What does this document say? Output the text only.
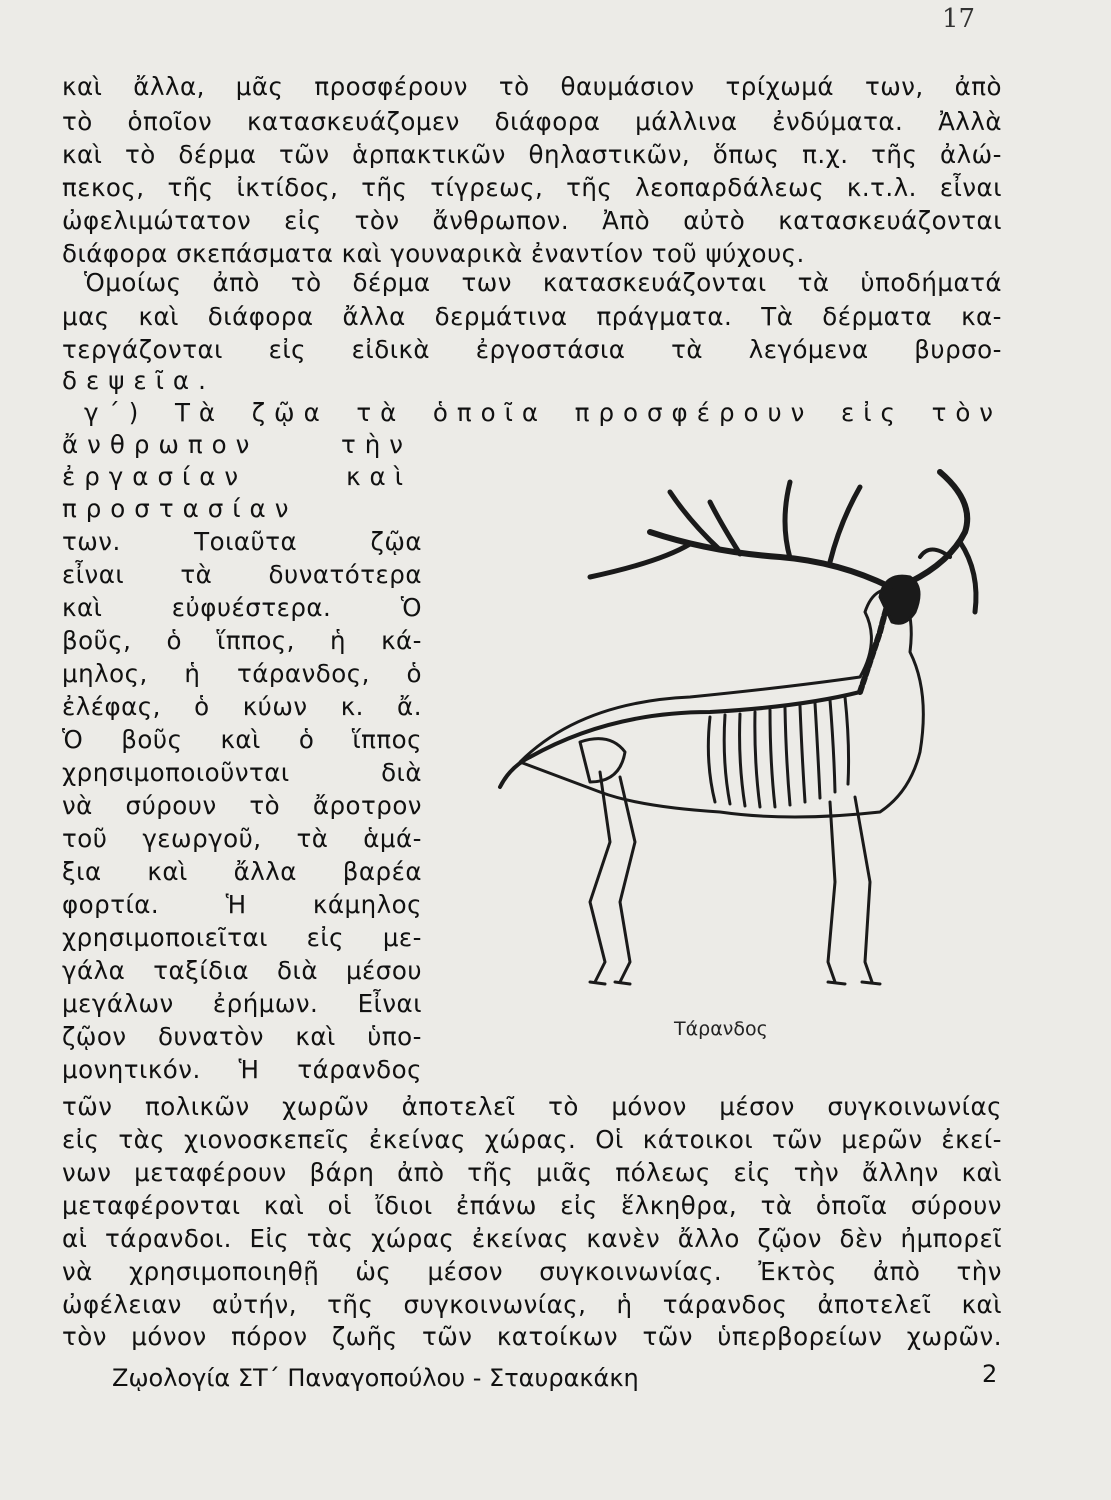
17
καὶ ἄλλα, μᾶς προσφέρουν τὸ θαυμάσιον τρίχωμά των, ἀπὸ
τὸ ὁποῖον κατασκευάζομεν διάφορα μάλλινα ἐνδύματα. Ἀλλὰ
καὶ τὸ δέρμα τῶν ἁρπακτικῶν θηλαστικῶν, ὅπως π.χ. τῆς ἀλώ-
πεκος, τῆς ἰκτίδος, τῆς τίγρεως, τῆς λεοπαρδάλεως κ.τ.λ. εἶναι
ὠφελιμώτατον εἰς τὸν ἄνθρωπον. Ἀπὸ αὐτὸ κατασκευάζονται
διάφορα σκεπάσματα καὶ γουναρικὰ ἐναντίον τοῦ ψύχους.
Ὁμοίως ἀπὸ τὸ δέρμα των κατασκευάζονται τὰ ὑποδήματά
μας καὶ διάφορα ἄλλα δερμάτινα πράγματα. Τὰ δέρματα κα-
τεργάζονται εἰς εἰδικὰ ἐργοστάσια τὰ λεγόμενα βυρσο-
δεψεῖα.
γ΄) Τὰ ζῷα τὰ ὁποῖα προσφέρουν εἰς τὸν
ἄνθρωπον τὴν
ἐργασίαν καὶ
προστασίαν
των. Τοιαῦτα ζῷα
εἶναι τὰ δυνατότερα
καὶ εὐφυέστερα. Ὁ
βοῦς, ὁ ἵππος, ἡ κά-
μηλος, ἡ τάρανδος, ὁ
ἐλέφας, ὁ κύων κ. ἄ.
Ὁ βοῦς καὶ ὁ ἵππος
χρησιμοποιοῦνται διὰ
νὰ σύρουν τὸ ἄροτρον
τοῦ γεωργοῦ, τὰ ἁμά-
ξια καὶ ἄλλα βαρέα
φορτία. Ἡ κάμηλος
χρησιμοποιεῖται εἰς με-
γάλα ταξίδια διὰ μέσου
μεγάλων ἐρήμων. Εἶναι
ζῷον δυνατὸν καὶ ὑπο-
μονητικόν. Ἡ τάρανδος
Τάρανδος
τῶν πολικῶν χωρῶν ἀποτελεῖ τὸ μόνον μέσον συγκοινωνίας
εἰς τὰς χιονοσκεπεῖς ἐκείνας χώρας. Οἱ κάτοικοι τῶν μερῶν ἐκεί-
νων μεταφέρουν βάρη ἀπὸ τῆς μιᾶς πόλεως εἰς τὴν ἄλλην καὶ
μεταφέρονται καὶ οἱ ἴδιοι ἐπάνω εἰς ἕλκηθρα, τὰ ὁποῖα σύρουν
αἱ τάρανδοι. Εἰς τὰς χώρας ἐκείνας κανὲν ἄλλο ζῷον δὲν ἠμπορεῖ
νὰ χρησιμοποιηθῇ ὡς μέσον συγκοινωνίας. Ἐκτὸς ἀπὸ τὴν
ὠφέλειαν αὐτήν, τῆς συγκοινωνίας, ἡ τάρανδος ἀποτελεῖ καὶ
τὸν μόνον πόρον ζωῆς τῶν κατοίκων τῶν ὑπερβορείων χωρῶν.
Ζῳολογία ΣΤ΄ Παναγοπούλου - Σταυρακάκη	2
